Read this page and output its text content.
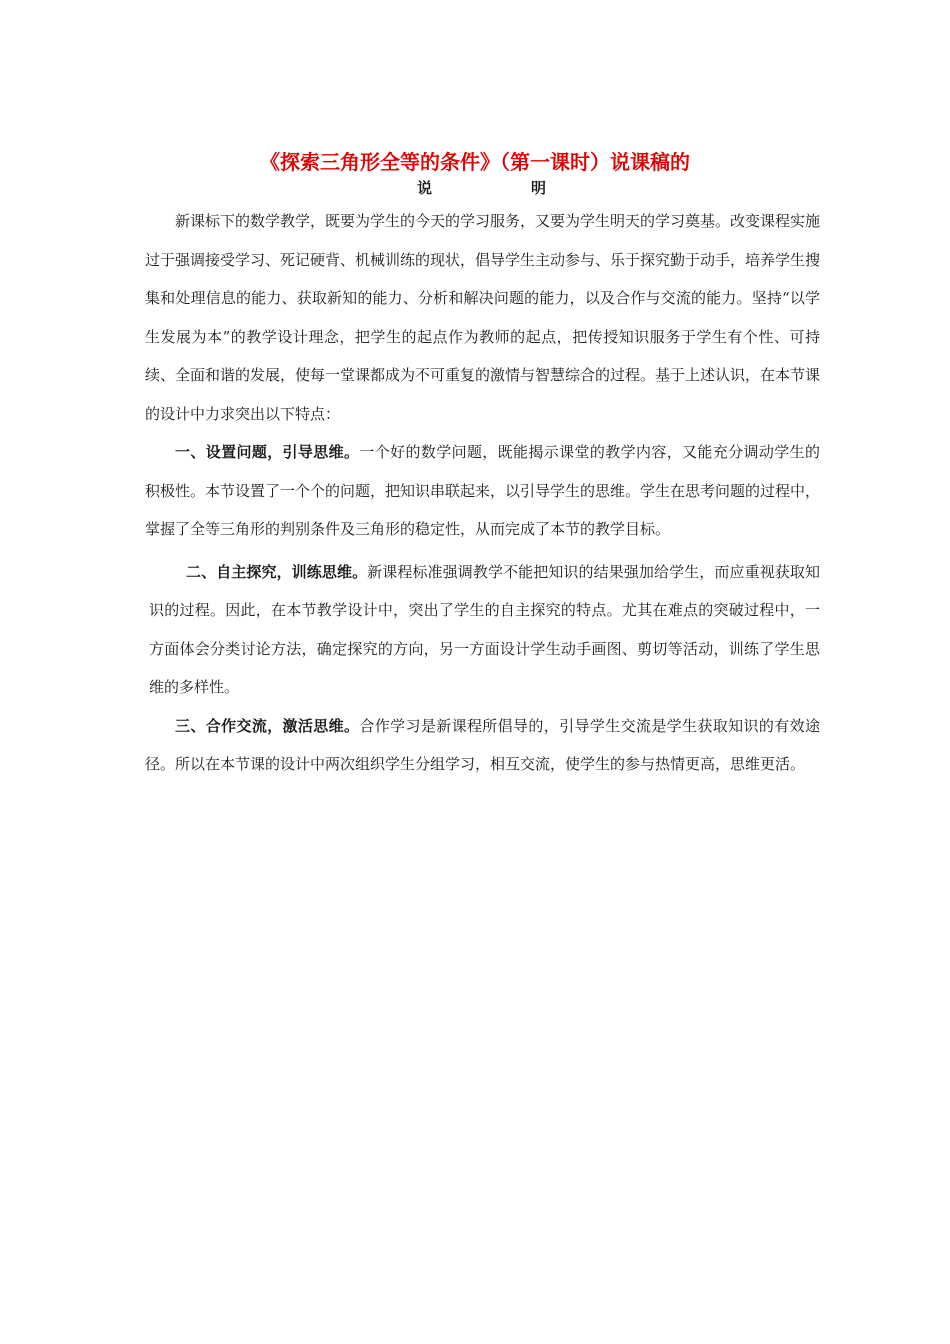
《探索三角形全等的条件》（第一课时）说课稿的
说	明

新课标下的数学教学，既要为学生的今天的学习服务，又要为学生明天的学习奠基。改变课程实施过于强调接受学习、死记硬背、机械训练的现状，倡导学生主动参与、乐于探究勤于动手，培养学生搜集和处理信息的能力、获取新知的能力、分析和解决问题的能力，以及合作与交流的能力。坚持“以学生发展为本”的教学设计理念，把学生的起点作为教师的起点，把传授知识服务于学生有个性、可持续、全面和谐的发展，使每一堂课都成为不可重复的激情与智慧综合的过程。基于上述认识，在本节课的设计中力求突出以下特点：

一、设置问题，引导思维。一个好的数学问题，既能揭示课堂的教学内容，又能充分调动学生的积极性。本节设置了一个个的问题，把知识串联起来，以引导学生的思维。学生在思考问题的过程中，掌握了全等三角形的判别条件及三角形的稳定性，从而完成了本节的教学目标。

二、自主探究，训练思维。新课程标准强调教学不能把知识的结果强加给学生，而应重视获取知识的过程。因此，在本节教学设计中，突出了学生的自主探究的特点。尤其在难点的突破过程中，一方面体会分类讨论方法，确定探究的方向，另一方面设计学生动手画图、剪切等活动，训练了学生思维的多样性。

三、合作交流，激活思维。合作学习是新课程所倡导的，引导学生交流是学生获取知识的有效途径。所以在本节课的设计中两次组织学生分组学习，相互交流，使学生的参与热情更高，思维更活。
